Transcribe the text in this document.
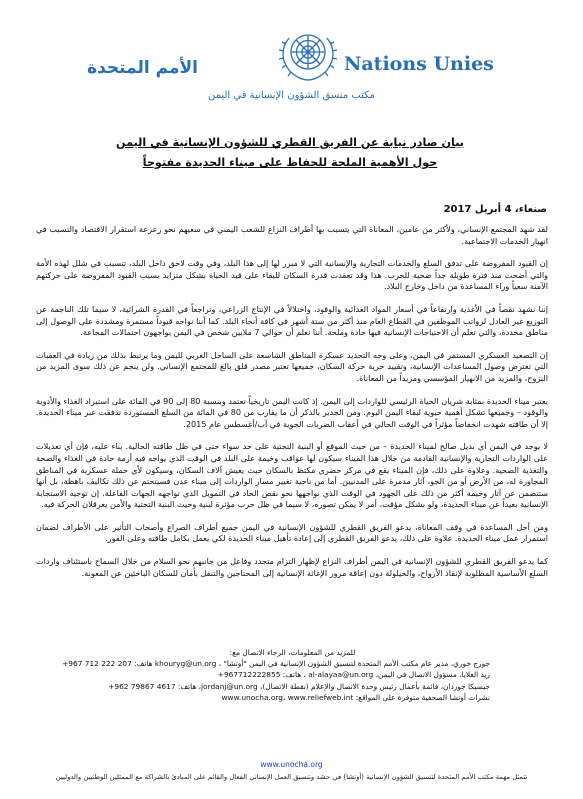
الأمم المتحدة	Nations Unies
مكتب منسق الشؤون الإنسانية في اليمن
بيان صادر نيابة عن الفريق القطري للشؤون الإنسانية في اليمن
حول الأهمية الملحة للحفاظ على ميناء الحديدة مفتوحاً
صنعاء، 4 أبريل 2017

لقد شهد المجتمع الإنساني، ولأكثر من عامين، المعاناة التي يتسبب بها أطراف النزاع للشعب اليمني في سعيهم نحو زعزعة استقرار الاقتصاد والتسبب في انهيار الخدمات الاجتماعية.

إن القيود المفروضة على تدفق السلع والخدمات التجارية والإنسانية التي لا مبرر لها إلى هذا البلد، وفي وقت لاحق داخل البلد، تتسبب في شلل لهذه الأمة والتي أضحت منذ فترة طويلة جداً ضحية للحرب. هذا وقد تعقدت قدرة السكان للبقاء على قيد الحياة بشكل متزايد بسبب القيود المفروضة على حركتهم الآمنة سعياً وراء المساعدة من داخل وخارج البلاد.

إننا نشهد نقصاً في الأغذية وارتفاعاً في أسعار المواد الغذائية والوقود، واختلالاً في الإنتاج الزراعي، وتراجعاً في القدرة الشرائية، لا سيما تلك الناجمة عن التوزيع غير العادل لرواتب الموظفين في القطاع العام منذ أكثر من ستة أشهر في كافة أنحاء البلد. كما أننا نواجه قيوداً مستمرة ومشددة على الوصول إلى مناطق محددة، والتي تعلم أن الاحتياجات الإنسانية فيها حادة وملحة. أننا نعلم أن حوالي 7 ملايين شخص في اليمن يواجهون احتمالات المجاعة.

إن التصعيد العسكري المستمر في اليمن، وعلى وجه التحديد عسكرة المناطق الشاسعة على الساحل الغربي لليمن وما يرتبط بذلك من زيادة في العقبات التي تعترض وصول المساعدات الإنسانية، وتقييد حرية حركة السكان، جميعها تعتبر مصدر قلق بالغ للمجتمع الإنساني. ولن ينجم عن ذلك سوى المزيد من النزوح، والمزيد من الانهيار المؤسسي ومزيداً من المعاناة.

يعتبر ميناء الحديدة بمثابة شريان الحياة الرئيسي للواردات إلى اليمن. إذ كانت اليمن تاريخياً تعتمد وبنسبة 80 إلى 90 في المائة على استيراد الغذاء والأدوية والوقود – وجميعها تشكل أهمية حيوية لبقاء اليمن اليوم. ومن الجدير بالذكر أن ما يقارب من 80 في المائة من السلع المستوردة تدفقت عبر ميناء الحديدة. إلا أن طاقته شهدت انخفاضاً مؤثراً في الوقت الحالي في أعقاب الضربات الجوية في آب/أغسطس عام 2015.

لا يوجد في اليمن أي بديل صالح لميناء الحديدة – من حيث الموقع أو البنية التحتية على حد سواء حتى في ظل طاقته الحالية. بناء عليه، فإن أي تعديلات على الواردات التجارية والإنسانية القادمة من خلال هذا الميناء سيكون لها عواقب وخيمة على البلد في الوقت الذي يواجه فيه أزمة حادة في الغذاء والصحة والتغذية الصحية. وعلاوة على ذلك، فإن الميناء يقع في مركز حضري مكتظ بالسكان حيث يعيش آلاف السكان، وسيكون لأي حملة عسكرية في المناطق المجاورة له، من الأرض أو من الجو، آثار مدمرة على المدنيين. أما من ناحية تغيير مسار الواردات إلى ميناء عدن فسيتحتم عن ذلك تكاليف باهظة، بل أنها ستتضمن عن آثار وخيمة أكثر من ذلك على الجهود في الوقت الذي نواجهها نحو نقص الحاد في التمويل الذي تواجهه الجهات الفاعلة. إن توجيه الاستجابة الإنسانية بعيداً عن ميناء الحديدة، ولو بشكل مؤقت، أمر لا يمكن تصوره، لا سيما في ظل حرب مؤثرة لبنية وحيث البنية التحتية والأمن يعرقلان الحركة فيه.

ومن أجل المساعدة في وقف المعاناة، يدعو الفريق القطري للشؤون الإنسانية في اليمن جميع أطراف الصراع وأصحاب التأثير على الأطراف لضمان استمرار عمل ميناء الحديدة. علاوة على ذلك، يدعو الفريق القطري إلى إعادة تأهيل ميناء الحديدة لكي يعمل بكامل طاقته وعلى الفور.

كما يدعو الفريق القطري للشؤون الإنسانية في اليمن أطراف النزاع لإظهار التزام متجدد وفاعل من جانبهم نحو السلام من خلال السماح باستئناف واردات السلع الأساسية المطلوبة لإنقاذ الأرواح، والحيلولة دون إعاقة مرور الإغاثة الإنسانية إلى المحتاجين والتنقل بأمان للسكان الباحثين عن المعونة.

للمزيد من المعلومات، الرجاء الاتصال مع:
جورج خوري، مدير عام مكتب الأمم المتحدة لتنسيق الشؤون الإنسانية في اليمن "أوتشا" ، khouryg@un.org هاتف: 207 222 712 967+
زيد العلايا، مسؤول الاتصال في اليمن، al-alayaa@un.org ، هاتف: 967712222855+
جيسيكا جوردان، قائمة بأعمال رئيس وحدة الاتصال والإعلام (نقطة الاتصال)، jordanj@un.org، هاتف: 4617 79867 962+
نشرات أوتشا الصحفية متوفرة على المواقع: www.unocha.org، www.reliefweb.int
www.unocha.org
تتمثل مهمة مكتب الأمم المتحدة لتنسيق الشؤون الإنسانية (أوتشا) في حشد وتنسيق العمل الإنساني الفعال والقائم على المبادئ بالشراكة مع الممثلين الوطنيين والدوليين
